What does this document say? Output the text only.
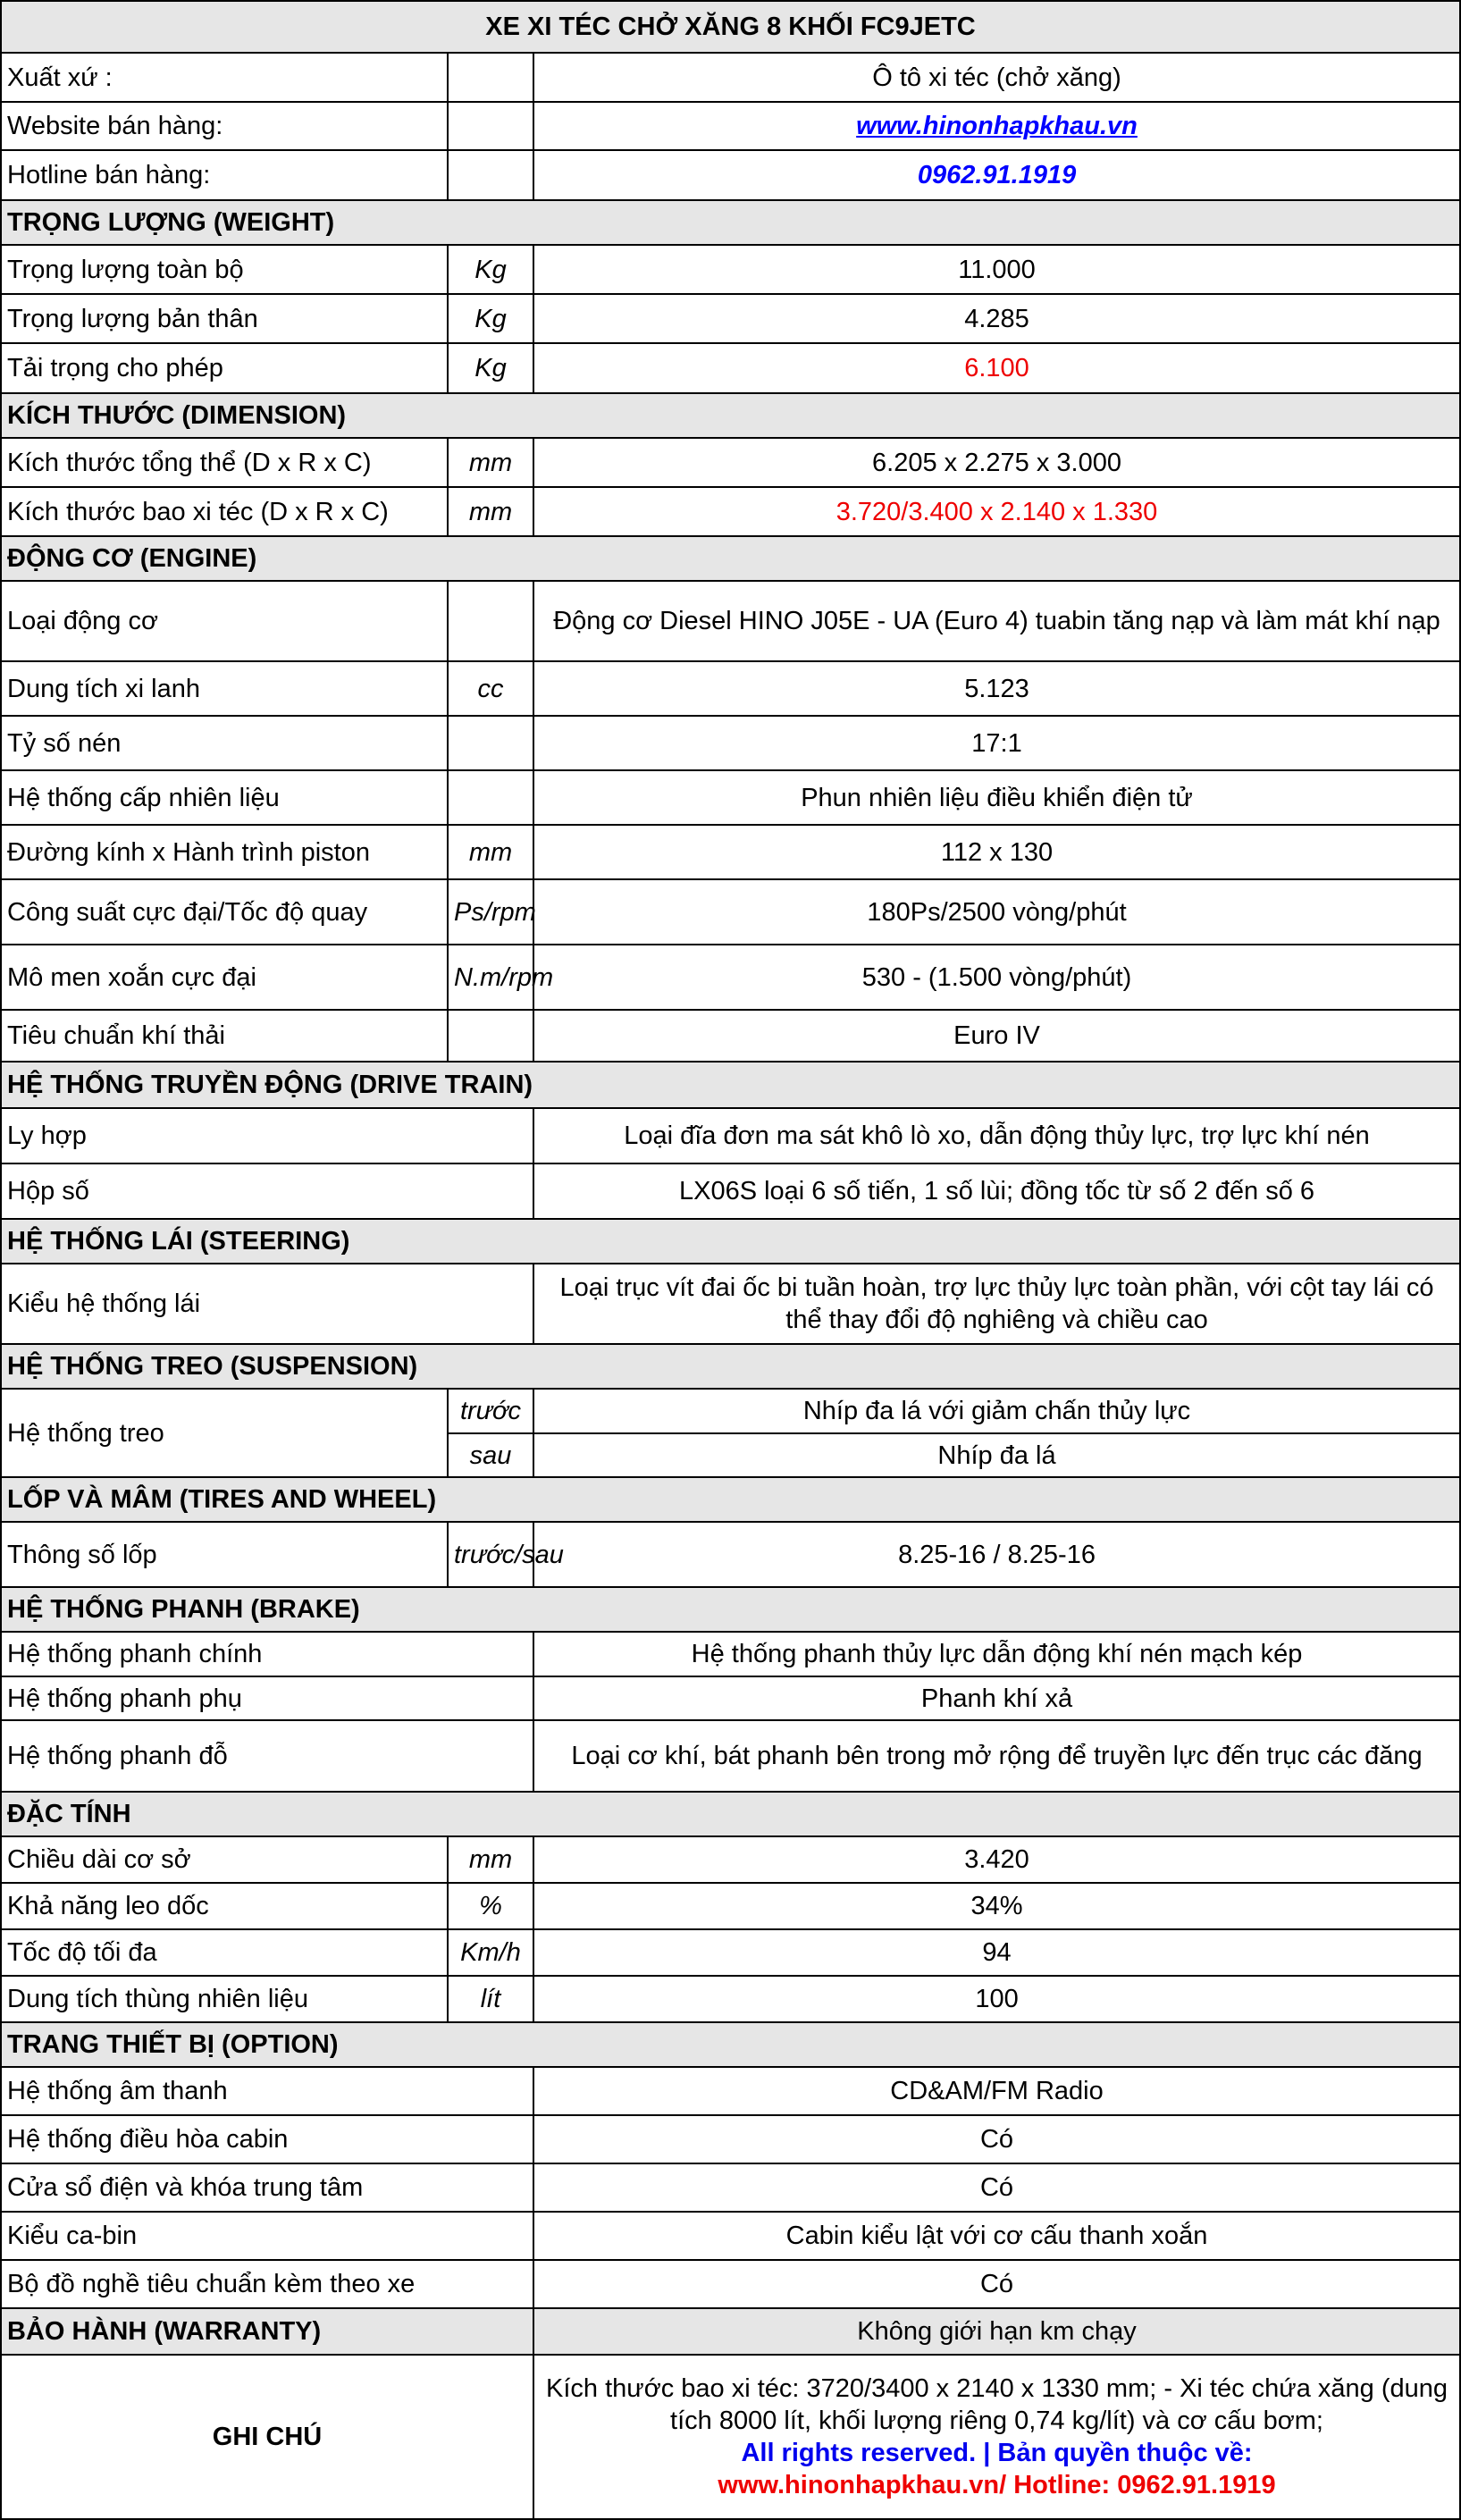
XE XI TÉC CHỞ XĂNG 8 KHỐI FC9JETC		
Xuất xứ :		Ô tô xi téc (chở xăng)
Website bán hàng:		www.hinonhapkhau.vn
Hotline bán hàng:		0962.91.1919
TRỌNG LƯỢNG (WEIGHT)		
Trọng lượng toàn bộ	Kg	11.000
Trọng lượng bản thân	Kg	4.285
Tải trọng cho phép	Kg	6.100
KÍCH THƯỚC (DIMENSION)		
Kích thước tổng thể (D x R x C)	mm	6.205 x 2.275 x 3.000
Kích thước bao xi téc (D x R x C)	mm	3.720/3.400 x 2.140 x 1.330
ĐỘNG CƠ (ENGINE)		
Loại động cơ		Động cơ Diesel HINO J05E - UA (Euro 4) tuabin tăng nạp và làm mát khí nạp
Dung tích xi lanh	cc	5.123
Tỷ số nén		17:1
Hệ thống cấp nhiên liệu		Phun nhiên liệu điều khiển điện tử
Đường kính x Hành trình piston	mm	112 x 130
Công suất cực đại/Tốc độ quay	Ps/rpm	180Ps/2500 vòng/phút
Mô men xoắn cực đại	N.m/rpm	530 - (1.500 vòng/phút)
Tiêu chuẩn khí thải		Euro IV
HỆ THỐNG TRUYỀN ĐỘNG (DRIVE TRAIN)		
Ly hợp		Loại đĩa đơn ma sát khô lò xo, dẫn động thủy lực, trợ lực khí nén
Hộp số		LX06S loại 6 số tiến, 1 số lùi; đồng tốc từ số 2 đến số 6
HỆ THỐNG LÁI (STEERING)		
Kiểu hệ thống lái		Loại trục vít đai ốc bi tuần hoàn, trợ lực thủy lực toàn phần, với cột tay lái có thể thay đổi độ nghiêng và chiều cao
HỆ THỐNG TREO (SUSPENSION)		
Hệ thống treo	trước	Nhíp đa lá với giảm chấn thủy lực
	sau	Nhíp đa lá
LỐP VÀ MÂM (TIRES AND WHEEL)		
Thông số lốp	trước/sau	8.25-16 / 8.25-16
HỆ THỐNG PHANH (BRAKE)		
Hệ thống phanh chính		Hệ thống phanh thủy lực dẫn động khí nén mạch kép
Hệ thống phanh phụ		Phanh khí xả
Hệ thống phanh đỗ		Loại cơ khí, bát phanh bên trong mở rộng để truyền lực đến trục các đăng
ĐẶC TÍNH		
Chiều dài cơ sở	mm	3.420
Khả năng leo dốc	%	34%
Tốc độ tối đa	Km/h	94
Dung tích thùng nhiên liệu	lít	100
TRANG THIẾT BỊ (OPTION)		
Hệ thống âm thanh		CD&AM/FM Radio
Hệ thống điều hòa cabin		Có
Cửa sổ điện và khóa trung tâm		Có
Kiểu ca-bin		Cabin kiểu lật với cơ cấu thanh xoắn
Bộ đồ nghề tiêu chuẩn kèm theo xe		Có
BẢO HÀNH (WARRANTY)		Không giới hạn km chạy
GHI CHÚ		Kích thước bao xi téc: 3720/3400 x 2140 x 1330 mm; - Xi téc chứa xăng (dung tích 8000 lít, khối lượng riêng 0,74 kg/lít) và cơ cấu bơm;
All rights reserved. | Bản quyền thuộc về:
www.hinonhapkhau.vn/ Hotline: 0962.91.1919
